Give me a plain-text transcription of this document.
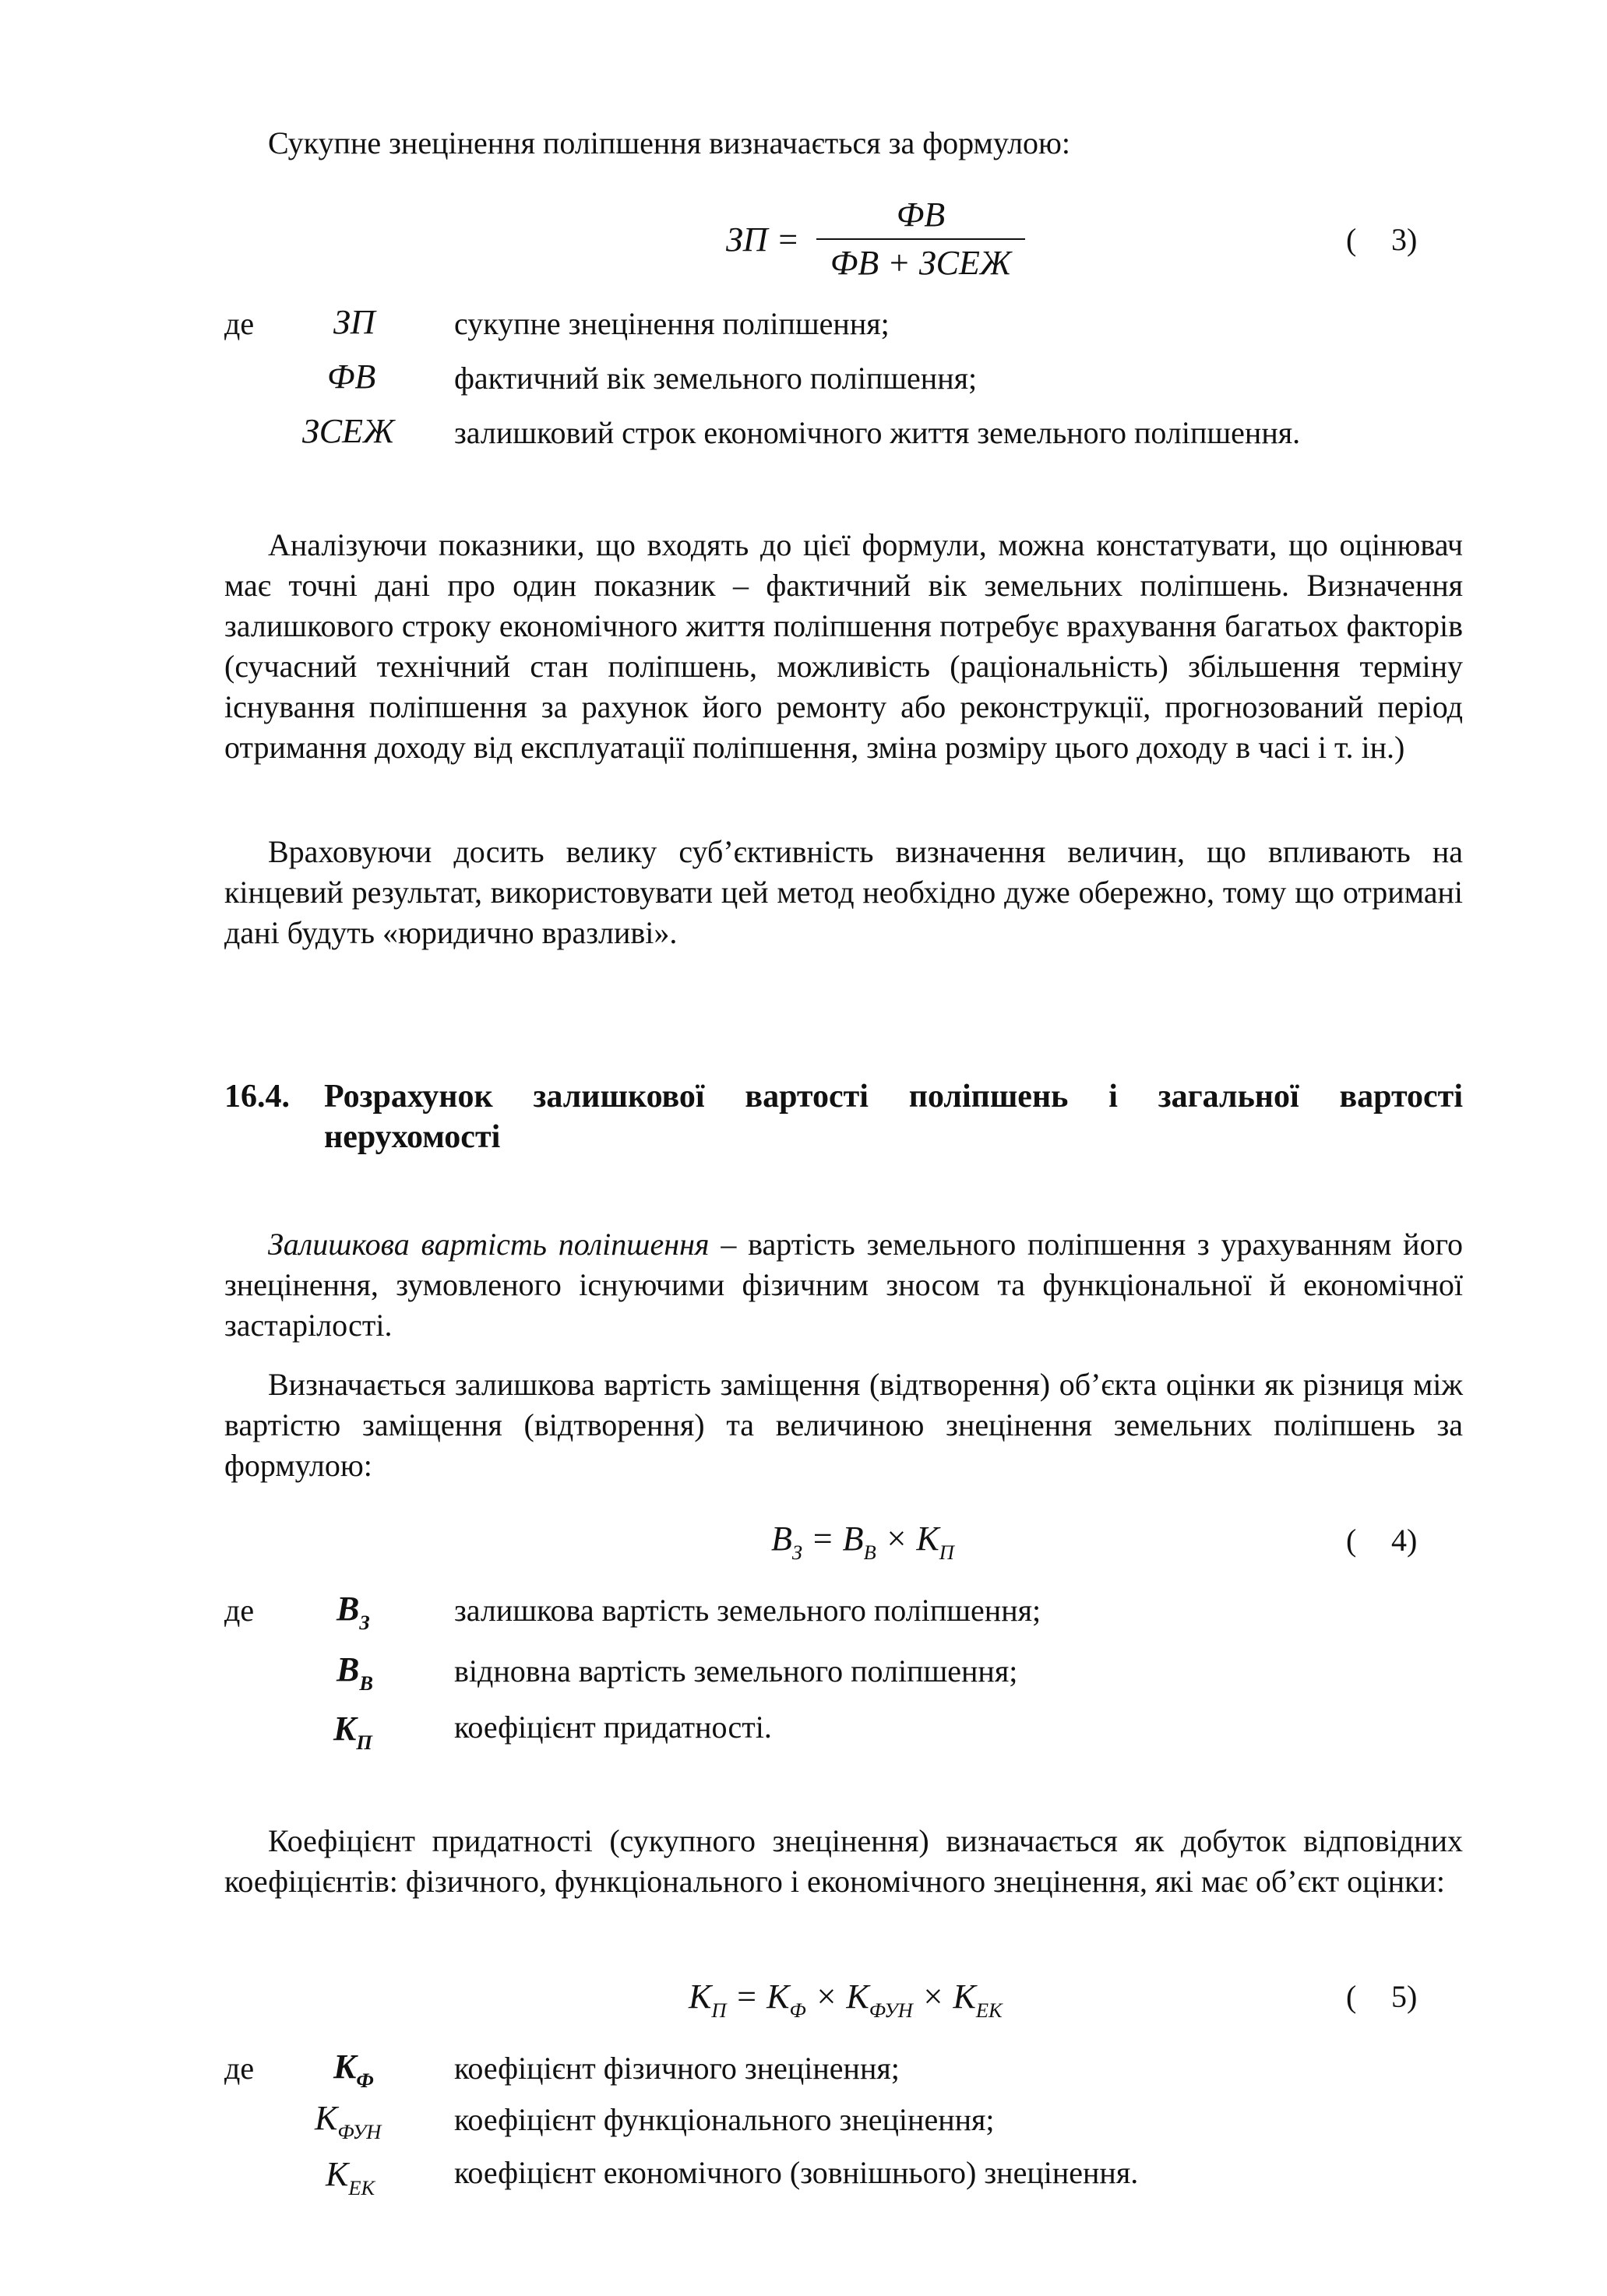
Сукупне знецінення поліпшення визначається за формулою:
ЗП =
ФВ
ФВ + ЗСЕЖ
( 3)
де ЗП	сукупне знецінення поліпшення;
ФВ	фактичний вік земельного поліпшення;
ЗСЕЖ залишковий строк економічного життя земельного поліпшення.
Аналізуючи показники, що входять до цієї формули, можна констатувати, що оцінювач має точні дані про один показник – фактичний вік земельних поліпшень. Визначення залишкового строку економічного життя поліпшення потребує врахування багатьох факторів (сучасний технічний стан поліпшень, можливість (раціональність) збільшення терміну існування поліпшення за рахунок його ремонту або реконструкції, прогнозований період отримання доходу від експлуатації поліпшення, зміна розміру цього доходу в часі і т. ін.)
Враховуючи досить велику суб’єктивність визначення величин, що впливають на кінцевий результат, використовувати цей метод необхідно дуже обережно, тому що отримані дані будуть «юридично вразливі».
16.4.	Розрахунок залишкової вартості поліпшень і загальної вартості
нерухомості
Залишкова вартість поліпшення – вартість земельного поліпшення з урахуванням його знецінення, зумовленого існуючими фізичним зносом та функціональної й економічної застарілості.
Визначається залишкова вартість заміщення (відтворення) об’єкта оцінки як різниця між вартістю заміщення (відтворення) та величиною знецінення земельних поліпшень за формулою:
$B_З = B_В \times K_П$	( 4)
де $B_З$	залишкова вартість земельного поліпшення;
$B_В$	відновна вартість земельного поліпшення;
$K_П$	коефіцієнт придатності.
Коефіцієнт придатності (сукупного знецінення) визначається як добуток відповідних коефіцієнтів: фізичного, функціонального і економічного знецінення, які має об’єкт оцінки:
$K_П = K_Ф \times K_{ФУН} \times K_{ЕК}$	( 5)
де $K_Ф$	коефіцієнт фізичного знецінення;
$K_{ФУН}$ коефіцієнт функціонального знецінення;
$K_{ЕК}$	коефіцієнт економічного (зовнішнього) знецінення.
